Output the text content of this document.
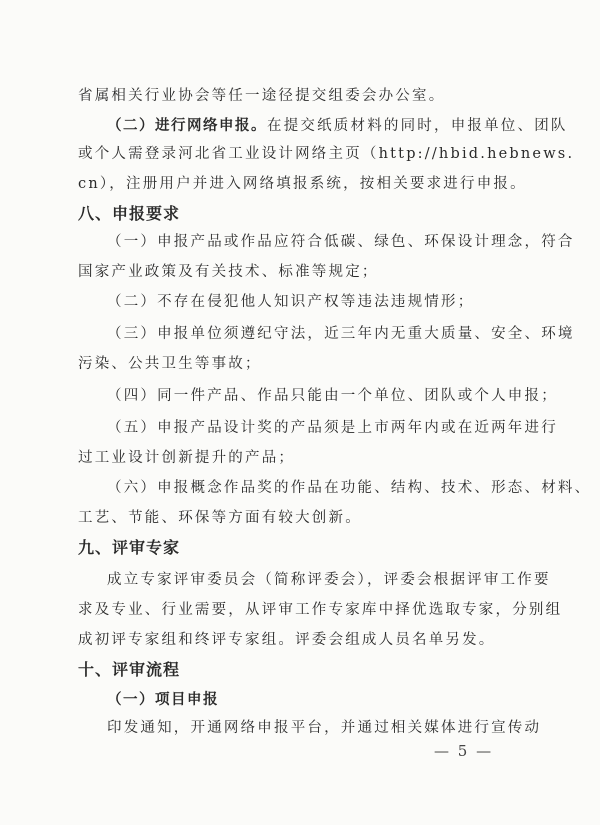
省属相关行业协会等任一途径提交组委会办公室。
（二）进行网络申报。在提交纸质材料的同时，申报单位、团队
或个人需登录河北省工业设计网络主页（http://hbid.hebnews.
cn），注册用户并进入网络填报系统，按相关要求进行申报。
八、申报要求
（一）申报产品或作品应符合低碳、绿色、环保设计理念，符合
国家产业政策及有关技术、标准等规定；
（二）不存在侵犯他人知识产权等违法违规情形；
（三）申报单位须遵纪守法，近三年内无重大质量、安全、环境
污染、公共卫生等事故；
（四）同一件产品、作品只能由一个单位、团队或个人申报；
（五）申报产品设计奖的产品须是上市两年内或在近两年进行
过工业设计创新提升的产品；
（六）申报概念作品奖的作品在功能、结构、技术、形态、材料、
工艺、节能、环保等方面有较大创新。
九、评审专家
成立专家评审委员会（简称评委会），评委会根据评审工作要
求及专业、行业需要，从评审工作专家库中择优选取专家，分别组
成初评专家组和终评专家组。评委会组成人员名单另发。
十、评审流程
（一）项目申报
印发通知，开通网络申报平台，并通过相关媒体进行宣传动
— 5 —
